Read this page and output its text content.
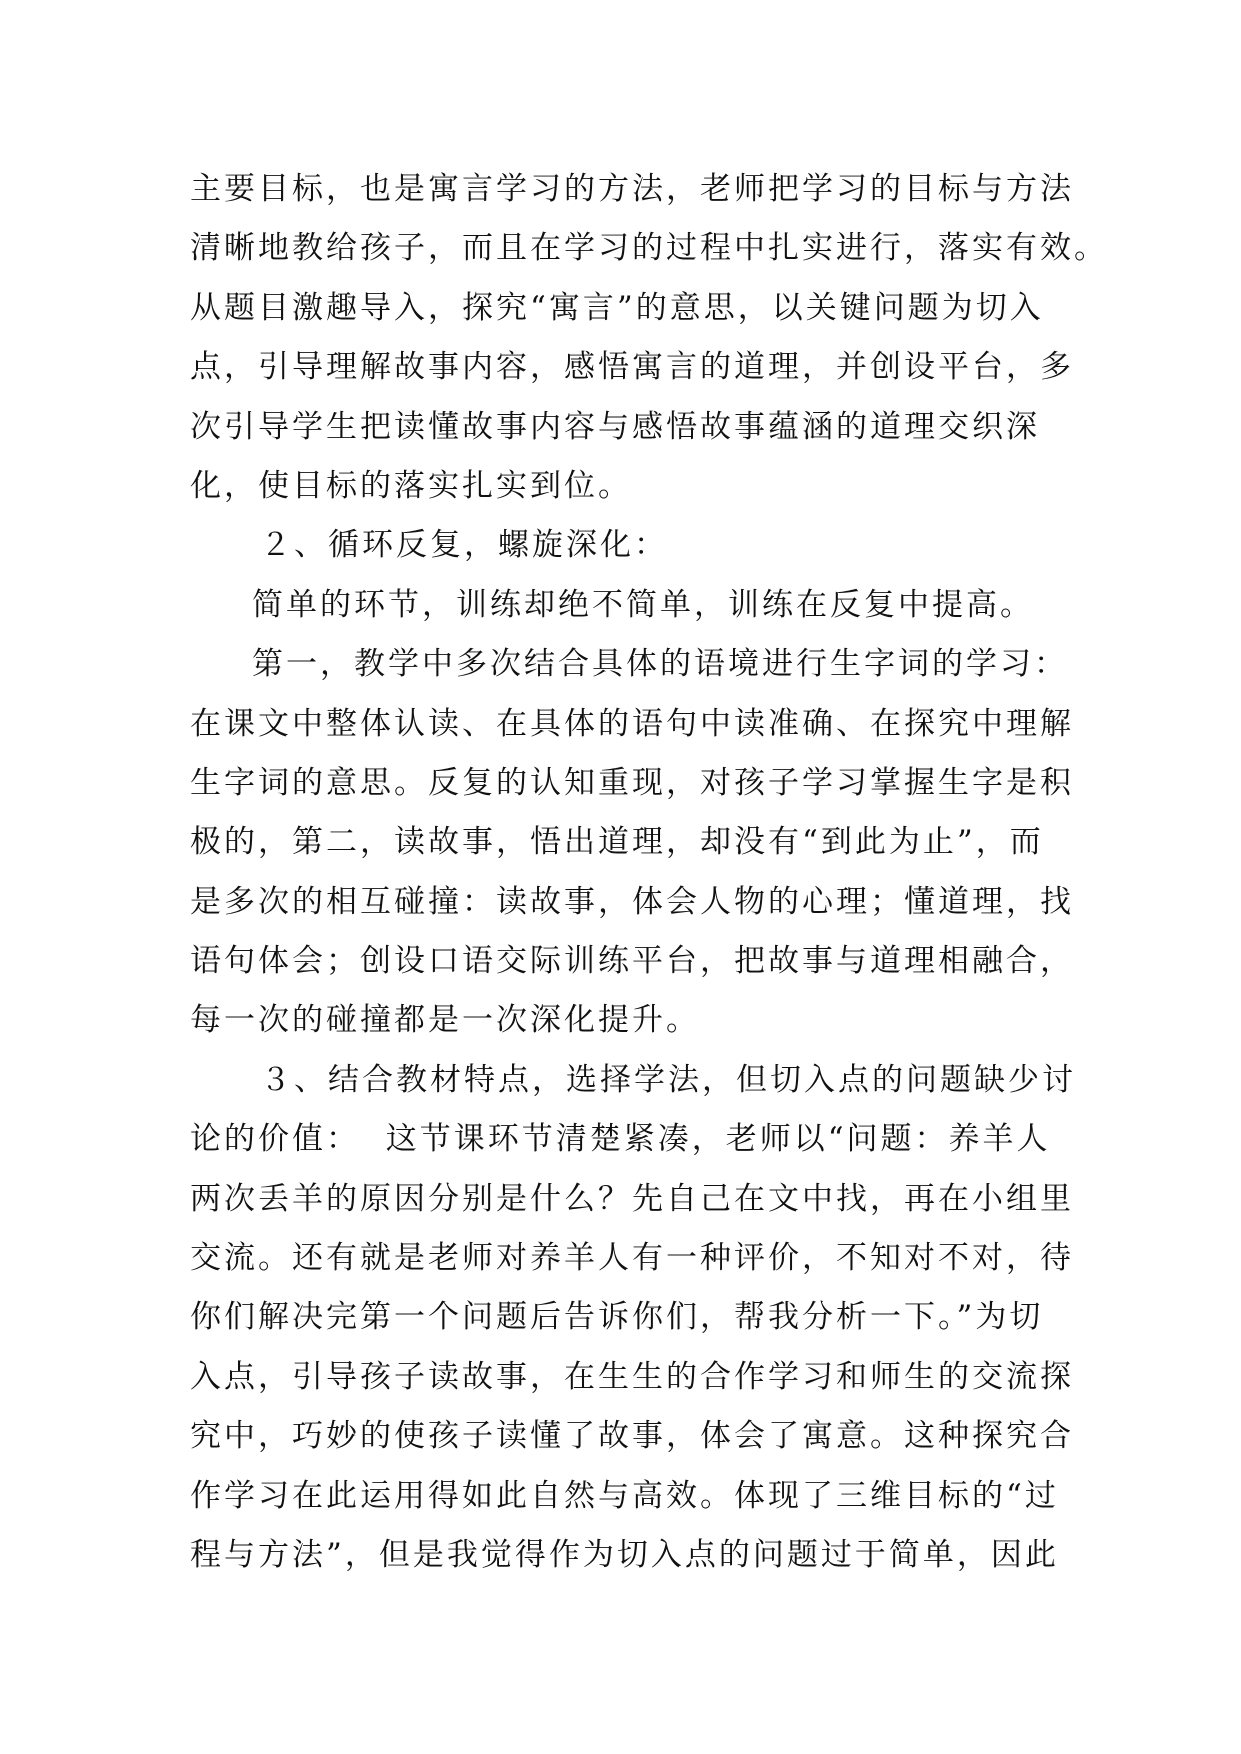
主要目标，也是寓言学习的方法，老师把学习的目标与方法
清晰地教给孩子，而且在学习的过程中扎实进行，落实有效。
从题目激趣导入，探究“寓言”的意思，以关键问题为切入
点，引导理解故事内容，感悟寓言的道理，并创设平台，多
次引导学生把读懂故事内容与感悟故事蕴涵的道理交织深
化，使目标的落实扎实到位。
２、循环反复，螺旋深化：
简单的环节，训练却绝不简单，训练在反复中提高。
第一，教学中多次结合具体的语境进行生字词的学习：
在课文中整体认读、在具体的语句中读准确、在探究中理解
生字词的意思。反复的认知重现，对孩子学习掌握生字是积
极的，第二，读故事，悟出道理，却没有“到此为止”，而
是多次的相互碰撞：读故事，体会人物的心理；懂道理，找
语句体会；创设口语交际训练平台，把故事与道理相融合，
每一次的碰撞都是一次深化提升。
３、结合教材特点，选择学法，但切入点的问题缺少讨
论的价值：  这节课环节清楚紧凑，老师以“问题：养羊人
两次丢羊的原因分别是什么？先自己在文中找，再在小组里
交流。还有就是老师对养羊人有一种评价，不知对不对，待
你们解决完第一个问题后告诉你们，帮我分析一下。”为切
入点，引导孩子读故事，在生生的合作学习和师生的交流探
究中，巧妙的使孩子读懂了故事，体会了寓意。这种探究合
作学习在此运用得如此自然与高效。体现了三维目标的“过
程与方法”，但是我觉得作为切入点的问题过于简单，因此
